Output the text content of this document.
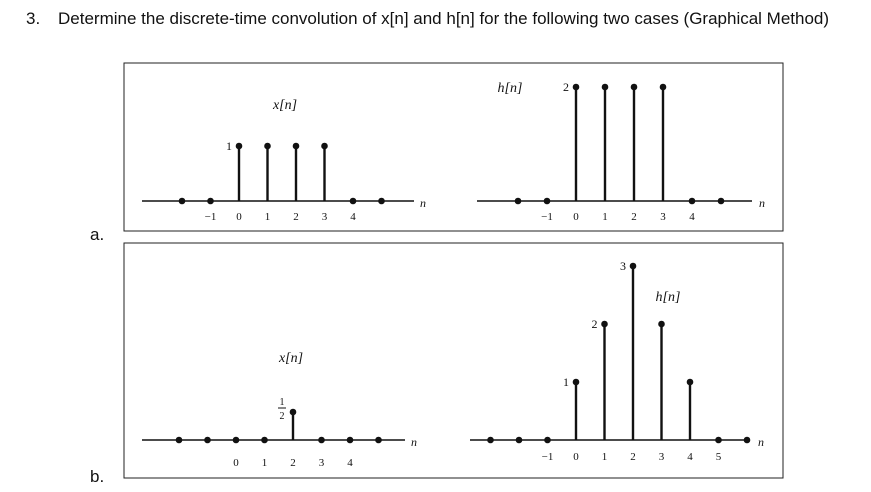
3. Determine the discrete-time convolution of x[n] and h[n] for the following two cases (Graphical Method)
a.
b.
x[n]
n
−1 0 1 2 3 4
1
h[n]
n
−1 0 1 2 3 4
2
x[n]
n
0 1 2 3 4
1
2
h[n]
n
−1 0 1 2 3 4 5
1
2
3
